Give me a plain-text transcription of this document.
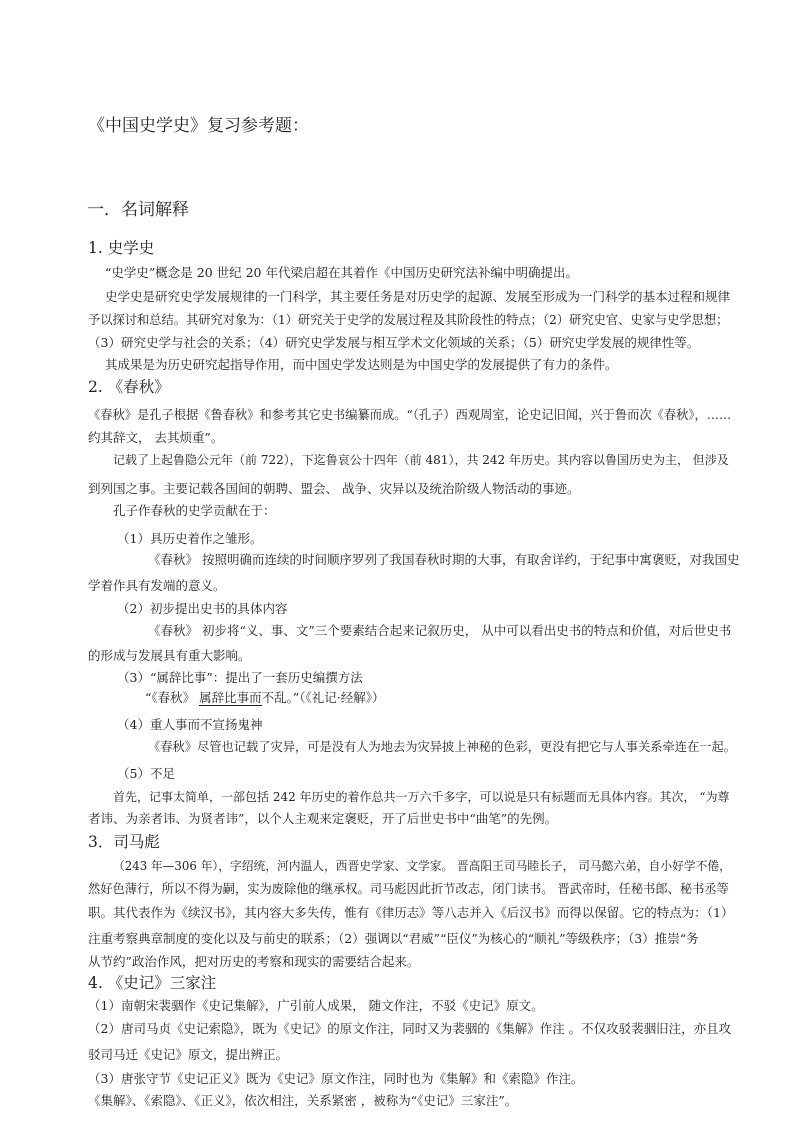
《中国史学史》复习参考题：
一．名词解释
1. 史学史
“史学史”概念是 20 世纪 20 年代梁启超在其着作《中国历史研究法补编中明确提出。
史学史是研究史学发展规律的一门科学，其主要任务是对历史学的起源、发展至形成为一门科学的基本过程和规律
予以探讨和总结。其研究对象为：（1）研究关于史学的发展过程及其阶段性的特点；（2）研究史官、史家与史学思想；
（3）研究史学与社会的关系；（4）研究史学发展与相互学术文化领域的关系；（5）研究史学发展的规律性等。
其成果是为历史研究起指导作用，而中国史学发达则是为中国史学的发展提供了有力的条件。
2. 《春秋》
《春秋》是孔子根据《鲁春秋》和参考其它史书编纂而成。“（孔子）西观周室，论史记旧闻，兴于鲁而次《春秋》，……
约其辞文， 去其烦重”。
记载了上起鲁隐公元年（前 722），下迄鲁哀公十四年（前 481），共 242 年历史。其内容以鲁国历史为主， 但涉及
到列国之事。主要记载各国间的朝聘、盟会、 战争、灾异以及统治阶级人物活动的事迹。
孔子作春秋的史学贡献在于：
（1）具历史着作之雏形。
《春秋》 按照明确而连续的时间顺序罗列了我国春秋时期的大事，有取舍详约，于纪事中寓褒贬，对我国史
学着作具有发端的意义。
（2）初步提出史书的具体内容
《春秋》 初步将“义、事、文”三个要素结合起来记叙历史， 从中可以看出史书的特点和价值，对后世史书
的形成与发展具有重大影响。
（3）“属辞比事”：提出了一套历史编撰方法
“《春秋》 属辞比事而不乱。”（《礼记·经解》）
（4）重人事而不宣扬鬼神
《春秋》尽管也记载了灾异，可是没有人为地去为灾异披上神秘的色彩，更没有把它与人事关系牵连在一起。
（5）不足
首先，记事太简单，一部包括 242 年历史的着作总共一万六千多字，可以说是只有标题而无具体内容。其次， “为尊
者讳、为亲者讳、为贤者讳”，以个人主观来定褒贬，开了后世史书中“曲笔”的先例。
3．司马彪
（243 年—306 年），字绍统，河内温人，西晋史学家、文学家。 晋高阳王司马睦长子， 司马懿六弟，自小好学不倦，
然好色薄行，所以不得为嗣，实为废除他的继承权。司马彪因此折节改志，闭门读书。 晋武帝时，任秘书郎、秘书丞等
职。其代表作为《续汉书》，其内容大多失传，惟有《律历志》等八志并入《后汉书》而得以保留。它的特点为：（1）
注重考察典章制度的变化以及与前史的联系；（2）强调以“君威”“臣仪”为核心的“顺礼”等级秩序；（3）推崇“务
从节约”政治作风，把对历史的考察和现实的需要结合起来。
4. 《史记》三家注
（1）南朝宋裴骃作《史记集解》，广引前人成果， 随文作注，不驳《史记》原文。
（2）唐司马贞《史记索隐》，既为《史记》的原文作注，同时又为裴骃的《集解》作注 。不仅攻驳裴骃旧注，亦且攻
驳司马迁《史记》原文，提出辨正。
（3）唐张守节《史记正义》既为《史记》原文作注，同时也为《集解》和《索隐》作注。
《集解》、《索隐》、《正义》，依次相注，关系紧密 ，被称为“《史记》三家注”。
